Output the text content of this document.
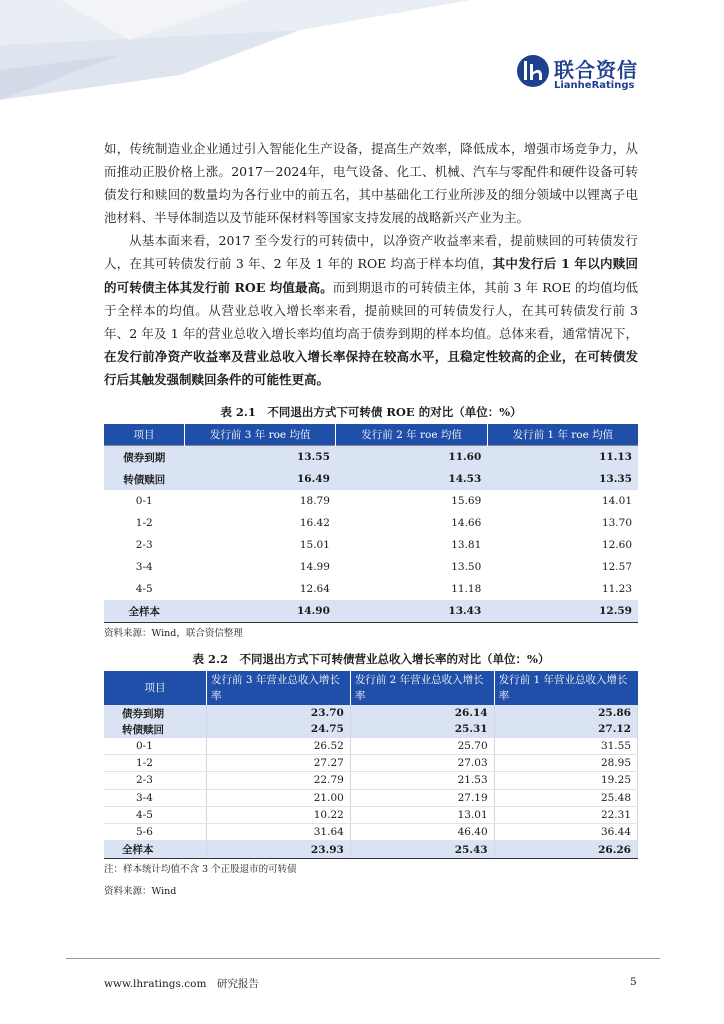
联合资信
LianheRatings

如，传统制造业企业通过引入智能化生产设备，提高生产效率，降低成本，增强市场竞争力，从而推动正股价格上涨。2017－2024年，电气设备、化工、机械、汽车与零配件和硬件设备可转债发行和赎回的数量均为各行业中的前五名，其中基础化工行业所涉及的细分领域中以锂离子电池材料、半导体制造以及节能环保材料等国家支持发展的战略新兴产业为主。

从基本面来看，2017 至今发行的可转债中，以净资产收益率来看，提前赎回的可转债发行人，在其可转债发行前 3 年、2 年及 1 年的 ROE 均高于样本均值，其中发行后 1 年以内赎回的可转债主体其发行前 ROE 均值最高。而到期退市的可转债主体，其前 3 年 ROE 的均值均低于全样本的均值。从营业总收入增长率来看，提前赎回的可转债发行人，在其可转债发行前 3 年、2 年及 1 年的营业总收入增长率均值均高于债券到期的样本均值。总体来看，通常情况下，在发行前净资产收益率及营业总收入增长率保持在较高水平，且稳定性较高的企业，在可转债发行后其触发强制赎回条件的可能性更高。

表 2.1　不同退出方式下可转债 ROE 的对比（单位：%）
项目	发行前 3 年 roe 均值	发行前 2 年 roe 均值	发行前 1 年 roe 均值
债券到期	13.55	11.60	11.13
转债赎回	16.49	14.53	13.35
0-1	18.79	15.69	14.01
1-2	16.42	14.66	13.70
2-3	15.01	13.81	12.60
3-4	14.99	13.50	12.57
4-5	12.64	11.18	11.23
全样本	14.90	13.43	12.59
资料来源：Wind，联合资信整理
表 2.2　不同退出方式下可转债营业总收入增长率的对比（单位：%）
项目	发行前 3 年营业总收入增长率	发行前 2 年营业总收入增长率	发行前 1 年营业总收入增长率
债券到期	23.70	26.14	25.86
转债赎回	24.75	25.31	27.12
0-1	26.52	25.70	31.55
1-2	27.27	27.03	28.95
2-3	22.79	21.53	19.25
3-4	21.00	27.19	25.48
4-5	10.22	13.01	22.31
5-6	31.64	46.40	36.44
全样本	23.93	25.43	26.26
注：样本统计均值不含 3 个正股退市的可转债
资料来源：Wind
www.lhratings.com　研究报告	5
